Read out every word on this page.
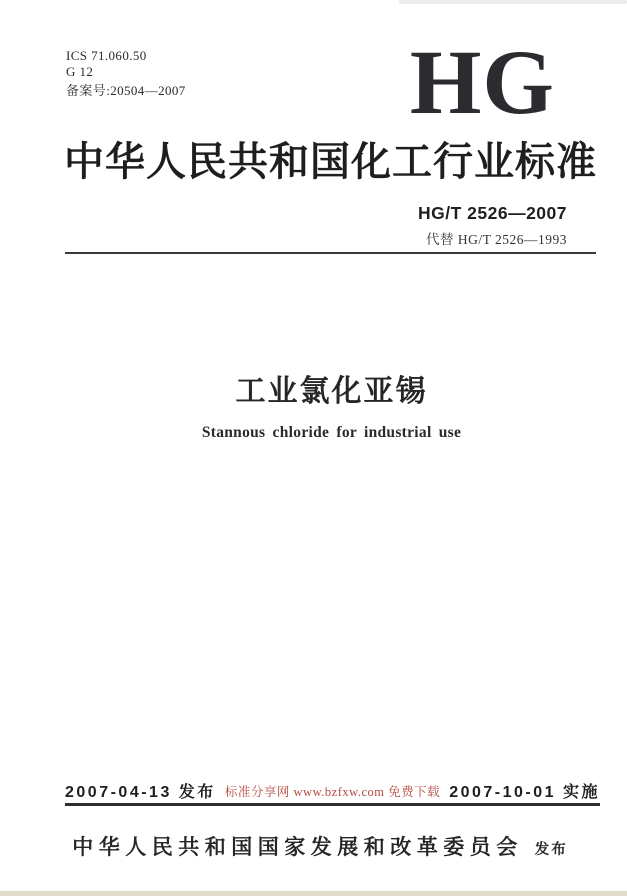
ICS 71.060.50
G 12
备案号:20504—2007 HG
中华人民共和国化工行业标准
HG/T 2526—2007
代替 HG/T 2526—1993
工业氯化亚锡
Stannous chloride for industrial use
2007-04-13 发布 标准分享网 www.bzfxw.com 免费下载 2007-10-01 实施
中华人民共和国国家发展和改革委员会 发布
